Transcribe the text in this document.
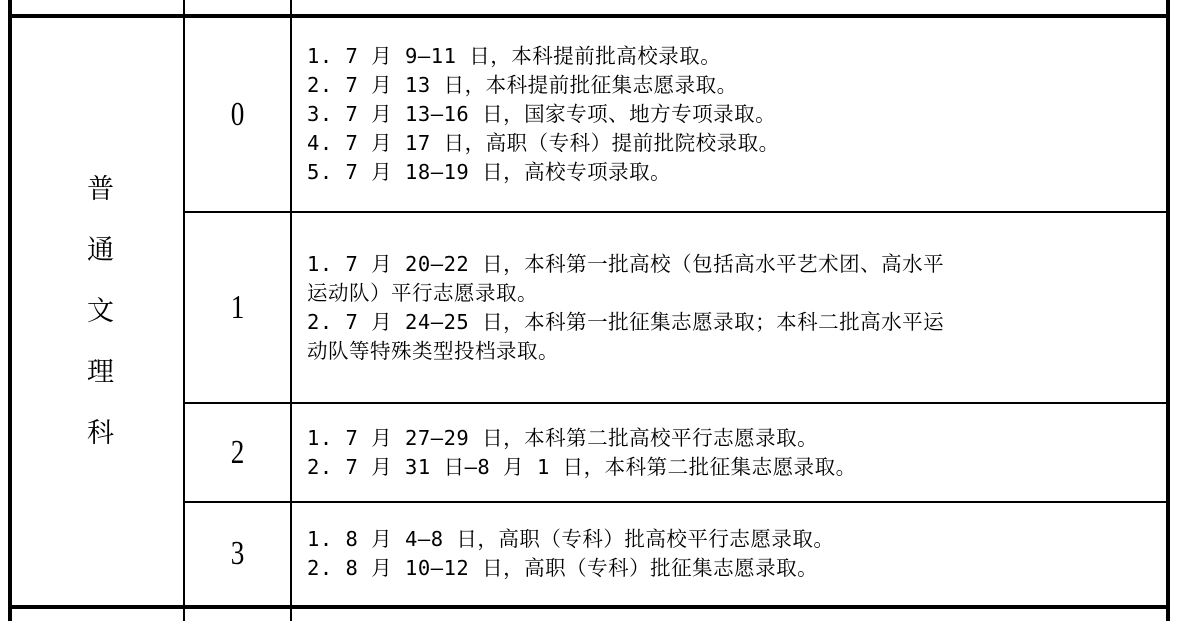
普通文理科
0
1. 7 月 9–11 日，本科提前批高校录取。
2. 7 月 13 日，本科提前批征集志愿录取。
3. 7 月 13–16 日，国家专项、地方专项录取。
4. 7 月 17 日，高职（专科）提前批院校录取。
5. 7 月 18–19 日，高校专项录取。
1
1. 7 月 20–22 日，本科第一批高校（包括高水平艺术团、高水平
运动队）平行志愿录取。
2. 7 月 24–25 日，本科第一批征集志愿录取；本科二批高水平运
动队等特殊类型投档录取。
2	1. 7 月 27–29 日，本科第二批高校平行志愿录取。
2. 7 月 31 日–8 月 1 日，本科第二批征集志愿录取。
3	1. 8 月 4–8 日，高职（专科）批高校平行志愿录取。
2. 8 月 10–12 日，高职（专科）批征集志愿录取。
